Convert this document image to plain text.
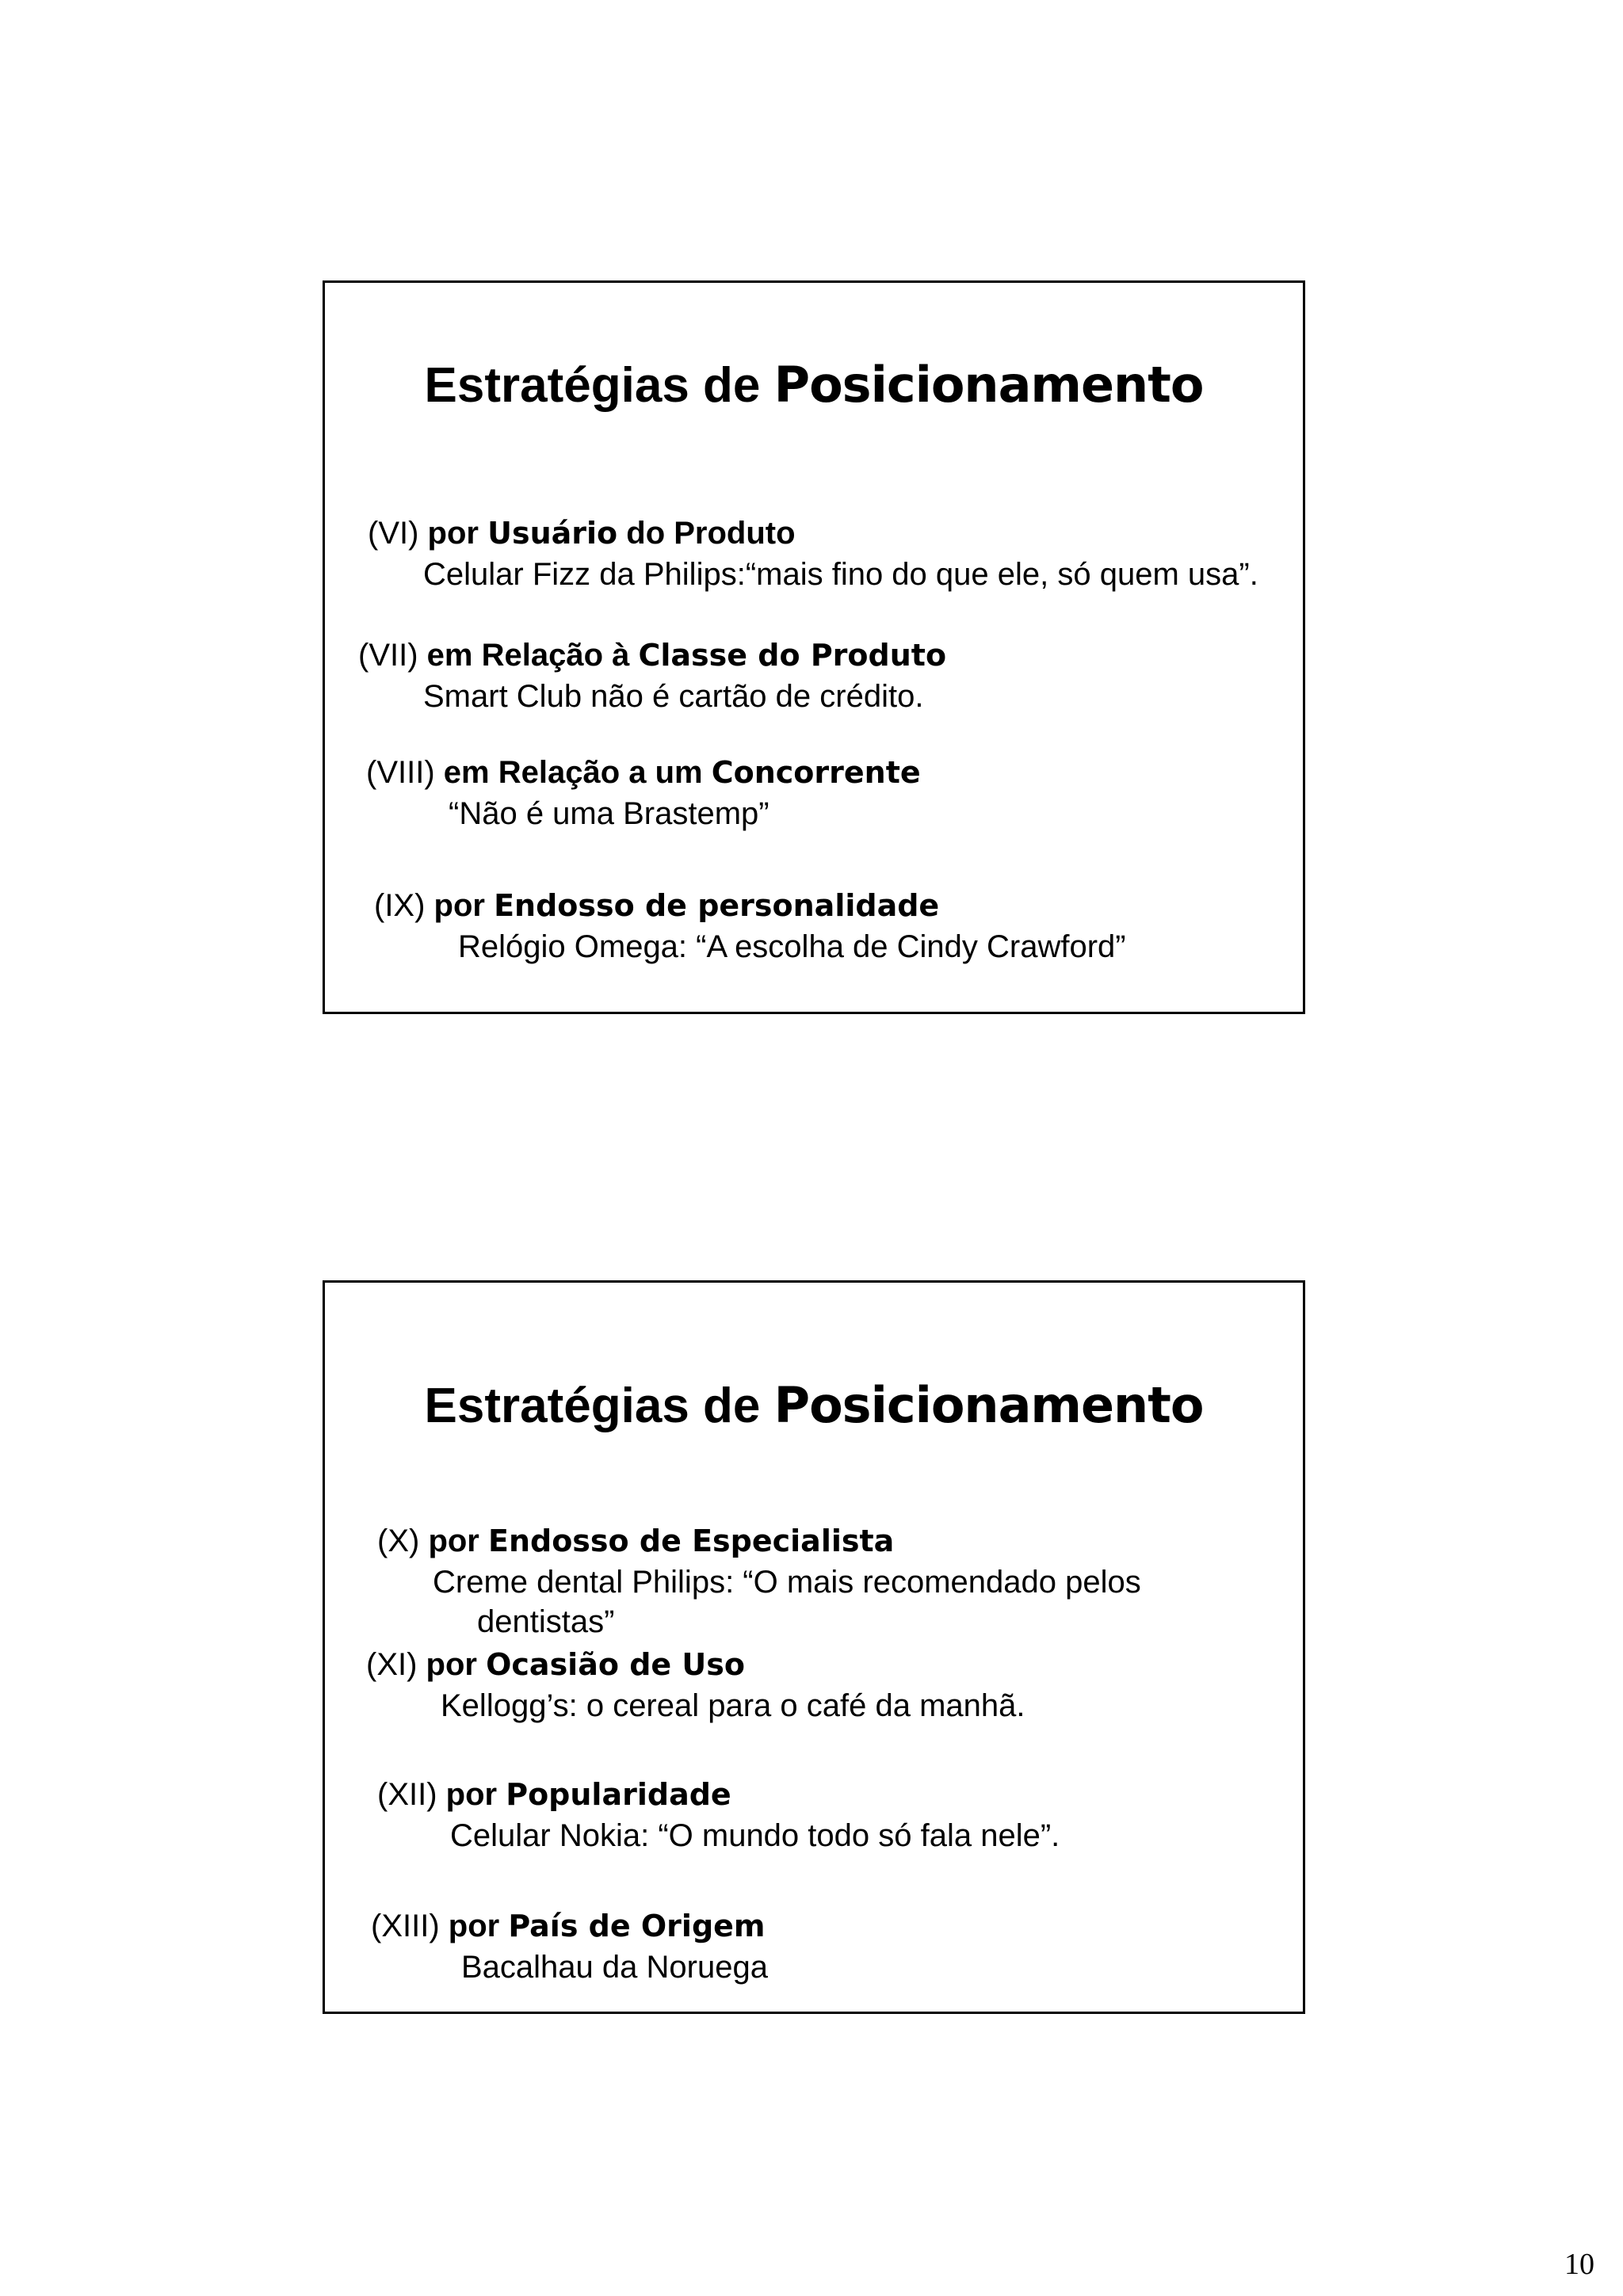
Estratégias de Posicionamento
(VI) por Usuário do Produto
Celular Fizz da Philips:“mais fino do que ele, só quem usa”.
(VII) em Relação à Classe do Produto
Smart Club não é cartão de crédito.
(VIII) em Relação a um Concorrente
“Não é uma Brastemp”
(IX) por Endosso de personalidade
Relógio Omega: “A escolha de Cindy Crawford”
Estratégias de Posicionamento
(X) por Endosso de Especialista
Creme dental Philips: “O mais recomendado pelos
dentistas”
(XI) por Ocasião de Uso
Kellogg’s: o cereal para o café da manhã.
(XII) por Popularidade
Celular Nokia: “O mundo todo só fala nele”.
(XIII) por País de Origem
Bacalhau da Noruega
10
